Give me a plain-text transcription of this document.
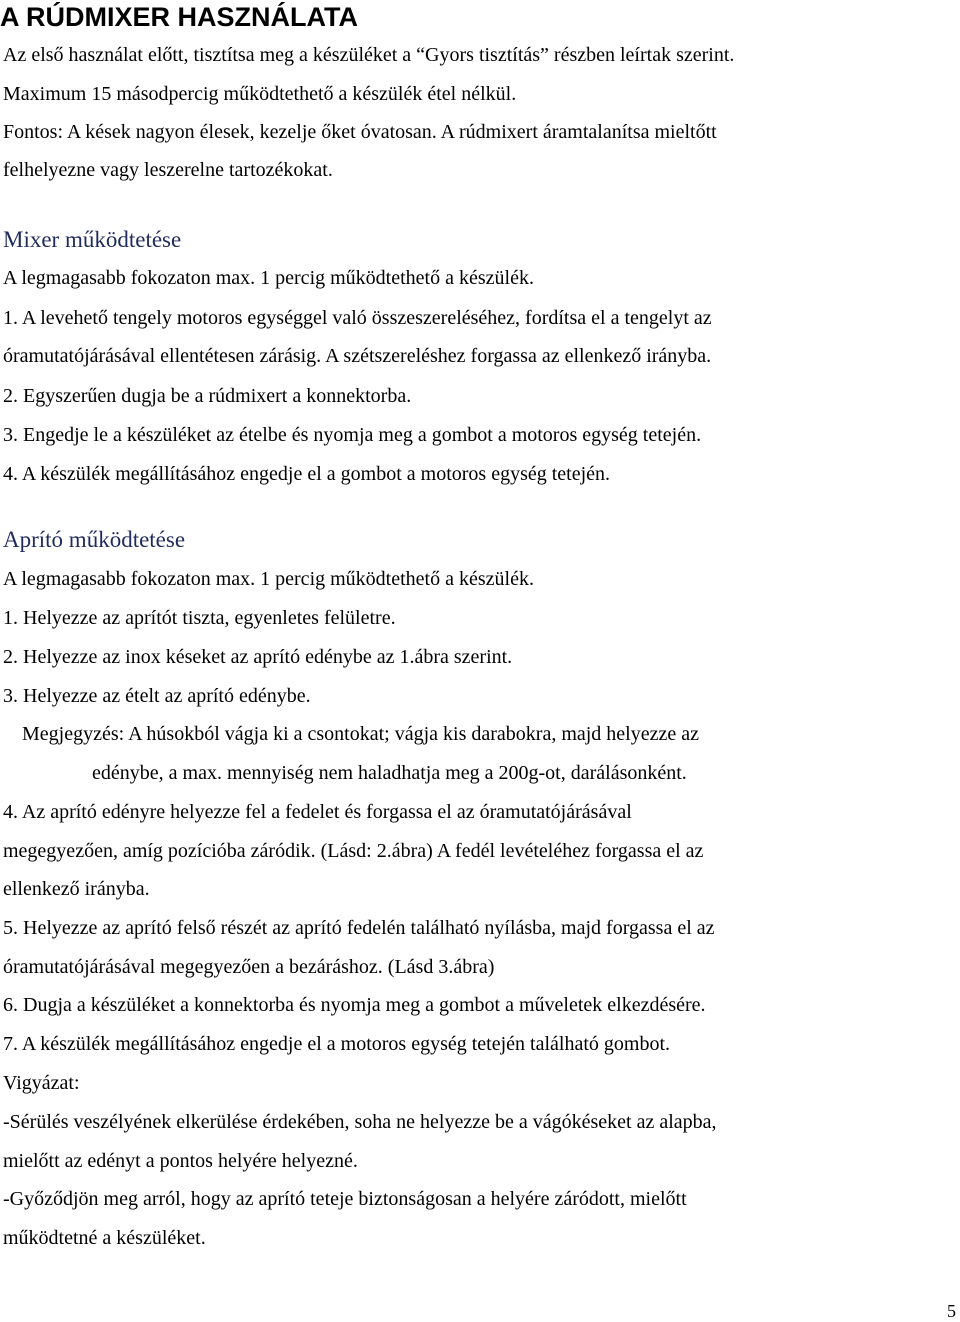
A RÚDMIXER HASZNÁLATA
Az első használat előtt, tisztítsa meg a készüléket a “Gyors tisztítás” részben leírtak szerint.
Maximum 15 másodpercig működtethető a készülék étel nélkül.
Fontos: A kések nagyon élesek, kezelje őket óvatosan. A rúdmixert áramtalanítsa mieltőtt
felhelyezne vagy leszerelne tartozékokat.
Mixer működtetése
A legmagasabb fokozaton max. 1 percig működtethető a készülék.
1. A levehető tengely motoros egységgel való összeszereléséhez, fordítsa el a tengelyt az
óramutatójárásával ellentétesen zárásig. A szétszereléshez forgassa az ellenkező irányba.
2. Egyszerűen dugja be a rúdmixert a konnektorba.
3. Engedje le a készüléket az ételbe és nyomja meg a gombot a motoros egység tetején.
4. A készülék megállításához engedje el a gombot a motoros egység tetején.
Aprító működtetése
A legmagasabb fokozaton max. 1 percig működtethető a készülék.
1. Helyezze az aprítót tiszta, egyenletes felületre.
2. Helyezze az inox késeket az aprító edénybe az 1.ábra szerint.
3. Helyezze az ételt az aprító edénybe.
Megjegyzés: A húsokból vágja ki a csontokat; vágja kis darabokra, majd helyezze az
edénybe, a max. mennyiség nem haladhatja meg a 200g-ot, darálásonként.
4. Az aprító edényre helyezze fel a fedelet és forgassa el az óramutatójárásával
megegyezően, amíg pozícióba záródik. (Lásd: 2.ábra) A fedél levételéhez forgassa el az
ellenkező irányba.
5. Helyezze az aprító felső részét az aprító fedelén található nyílásba, majd forgassa el az
óramutatójárásával megegyezően a bezáráshoz. (Lásd 3.ábra)
6. Dugja a készüléket a konnektorba és nyomja meg a gombot a műveletek elkezdésére.
7. A készülék megállításához engedje el a motoros egység tetején található gombot.
Vigyázat:
-Sérülés veszélyének elkerülése érdekében, soha ne helyezze be a vágókéseket az alapba,
mielőtt az edényt a pontos helyére helyezné.
-Győződjön meg arról, hogy az aprító teteje biztonságosan a helyére záródott, mielőtt
működtetné a készüléket.
5
